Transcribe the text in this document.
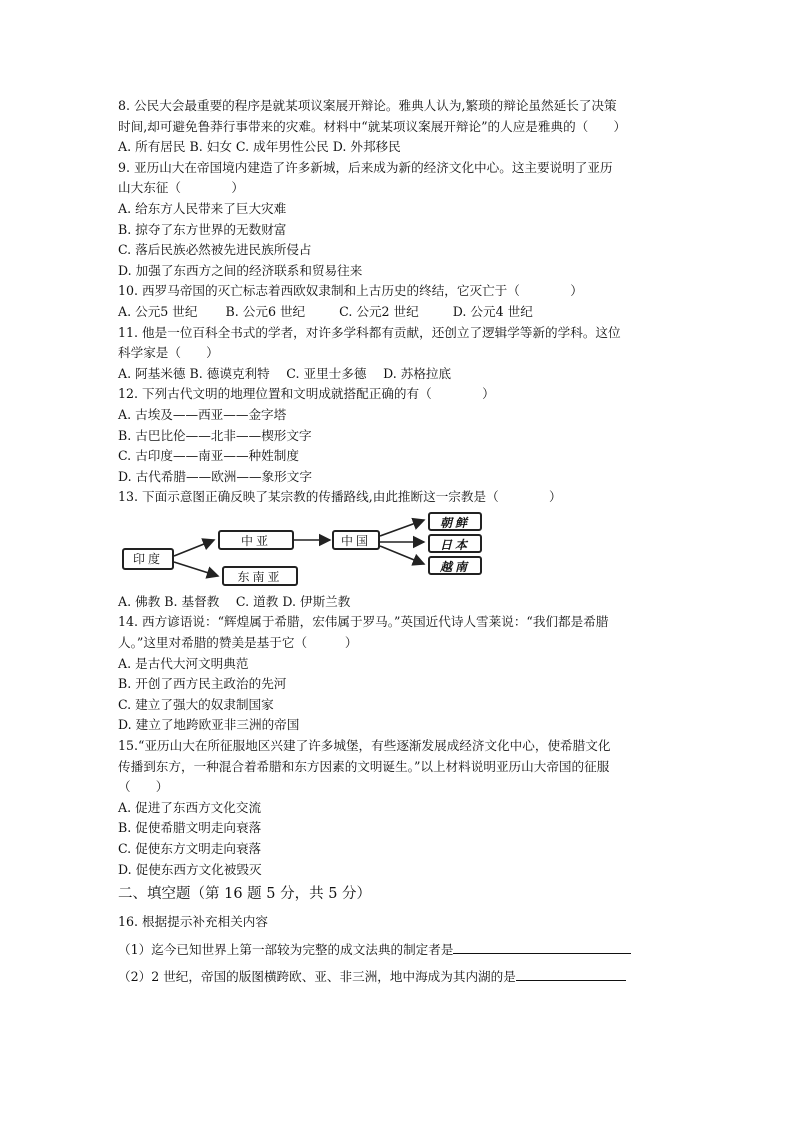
8. 公民大会最重要的程序是就某项议案展开辩论。雅典人认为,繁琐的辩论虽然延长了决策
时间,却可避免鲁莽行事带来的灾难。材料中“就某项议案展开辩论”的人应是雅典的（　　）
A. 所有居民 B. 妇女 C. 成年男性公民 D. 外邦移民
9. 亚历山大在帝国境内建造了许多新城，后来成为新的经济文化中心。这主要说明了亚历
山大东征（　　　　）
A. 给东方人民带来了巨大灾难
B. 掠夺了东方世界的无数财富
C. 落后民族必然被先进民族所侵占
D. 加强了东西方之间的经济联系和贸易往来
10. 西罗马帝国的灭亡标志着西欧奴隶制和上古历史的终结，它灭亡于（　　　　）
A. 公元5 世纪 B. 公元6 世纪	C. 公元2 世纪	D. 公元4 世纪
11. 他是一位百科全书式的学者，对许多学科都有贡献，还创立了逻辑学等新的学科。这位
科学家是（　　）
A. 阿基米德 B. 德谟克利特　 C. 亚里士多德　 D. 苏格拉底
12. 下列古代文明的地理位置和文明成就搭配正确的有（　　　　）
A. 古埃及——西亚——金字塔
B. 古巴比伦——北非——楔形文字
C. 古印度——南亚——种姓制度
D. 古代希腊——欧洲——象形文字
13. 下面示意图正确反映了某宗教的传播路线,由此推断这一宗教是（　　　　）
印度
中亚
东南亚
中国
朝鲜
日本
越南
A. 佛教 B. 基督教　 C. 道教 D. 伊斯兰教
14. 西方谚语说：“辉煌属于希腊，宏伟属于罗马。”英国近代诗人雪莱说：“我们都是希腊
人。”这里对希腊的赞美是基于它（　　　）
A. 是古代大河文明典范
B. 开创了西方民主政治的先河
C. 建立了强大的奴隶制国家
D. 建立了地跨欧亚非三洲的帝国
15.“亚历山大在所征服地区兴建了许多城堡，有些逐渐发展成经济文化中心，使希腊文化
传播到东方，一种混合着希腊和东方因素的文明诞生。”以上材料说明亚历山大帝国的征服
（　　）
A. 促进了东西方文化交流
B. 促使希腊文明走向衰落
C. 促使东方文明走向衰落
D. 促使东西方文化被毁灭
二、填空题（第 16 题 5 分，共 5 分）
16. 根据提示补充相关内容
（1）迄今已知世界上第一部较为完整的成文法典的制定者是
（2）2 世纪，帝国的版图横跨欧、亚、非三洲，地中海成为其内湖的是
